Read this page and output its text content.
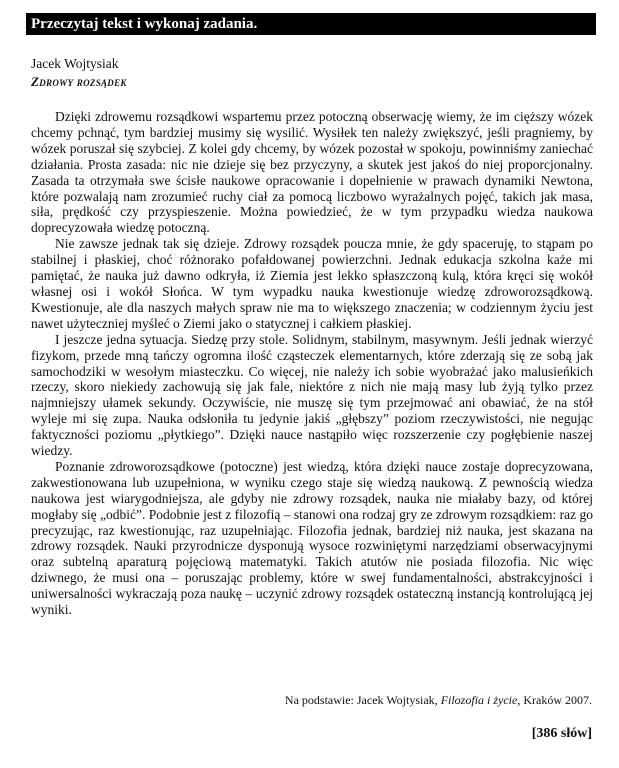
Przeczytaj tekst i wykonaj zadania.
Jacek Wojtysiak
Zdrowy rozsądek

Dzięki zdrowemu rozsądkowi wspartemu przez potoczną obserwację wiemy, że im cięższy wózek chcemy pchnąć, tym bardziej musimy się wysilić. Wysiłek ten należy zwiększyć, jeśli pragniemy, by wózek poruszał się szybciej. Z kolei gdy chcemy, by wózek pozostał w spokoju, powinniśmy zaniechać działania. Prosta zasada: nic nie dzieje się bez przyczyny, a skutek jest jakoś do niej proporcjonalny. Zasada ta otrzymała swe ścisłe naukowe opracowanie i dopełnienie w prawach dynamiki Newtona, które pozwalają nam zrozumieć ruchy ciał za pomocą liczbowo wyrażalnych pojęć, takich jak masa, siła, prędkość czy przyspieszenie. Można powiedzieć, że w tym przypadku wiedza naukowa doprecyzowała wiedzę potoczną.

Nie zawsze jednak tak się dzieje. Zdrowy rozsądek poucza mnie, że gdy spaceruję, to stąpam po stabilnej i płaskiej, choć różnorako pofałdowanej powierzchni. Jednak edukacja szkolna każe mi pamiętać, że nauka już dawno odkryła, iż Ziemia jest lekko spłaszczoną kulą, która kręci się wokół własnej osi i wokół Słońca. W tym wypadku nauka kwestionuje wiedzę zdroworozsądkową. Kwestionuje, ale dla naszych małych spraw nie ma to większego znaczenia; w codziennym życiu jest nawet użyteczniej myśleć o Ziemi jako o statycznej i całkiem płaskiej.

I jeszcze jedna sytuacja. Siedzę przy stole. Solidnym, stabilnym, masywnym. Jeśli jednak wierzyć fizykom, przede mną tańczy ogromna ilość cząsteczek elementarnych, które zderzają się ze sobą jak samochodziki w wesołym miasteczku. Co więcej, nie należy ich sobie wyobrażać jako malusieńkich rzeczy, skoro niekiedy zachowują się jak fale, niektóre z nich nie mają masy lub żyją tylko przez najmniejszy ułamek sekundy. Oczywiście, nie muszę się tym przejmować ani obawiać, że na stół wyleje mi się zupa. Nauka odsłoniła tu jedynie jakiś „głębszy” poziom rzeczywistości, nie negując faktyczności poziomu „płytkiego”. Dzięki nauce nastąpiło więc rozszerzenie czy pogłębienie naszej wiedzy.

Poznanie zdroworozsądkowe (potoczne) jest wiedzą, która dzięki nauce zostaje doprecyzowana, zakwestionowana lub uzupełniona, w wyniku czego staje się wiedzą naukową. Z pewnością wiedza naukowa jest wiarygodniejsza, ale gdyby nie zdrowy rozsądek, nauka nie miałaby bazy, od której mogłaby się „odbić”. Podobnie jest z filozofią – stanowi ona rodzaj gry ze zdrowym rozsądkiem: raz go precyzując, raz kwestionując, raz uzupełniając. Filozofia jednak, bardziej niż nauka, jest skazana na zdrowy rozsądek. Nauki przyrodnicze dysponują wysoce rozwiniętymi narzędziami obserwacyjnymi oraz subtelną aparaturą pojęciową matematyki. Takich atutów nie posiada filozofia. Nic więc dziwnego, że musi ona – poruszając problemy, które w swej fundamentalności, abstrakcyjności i uniwersalności wykraczają poza naukę – uczynić zdrowy rozsądek ostateczną instancją kontrolującą jej wyniki.

Na podstawie: Jacek Wojtysiak, Filozofia i życie, Kraków 2007.
[386 słów]
